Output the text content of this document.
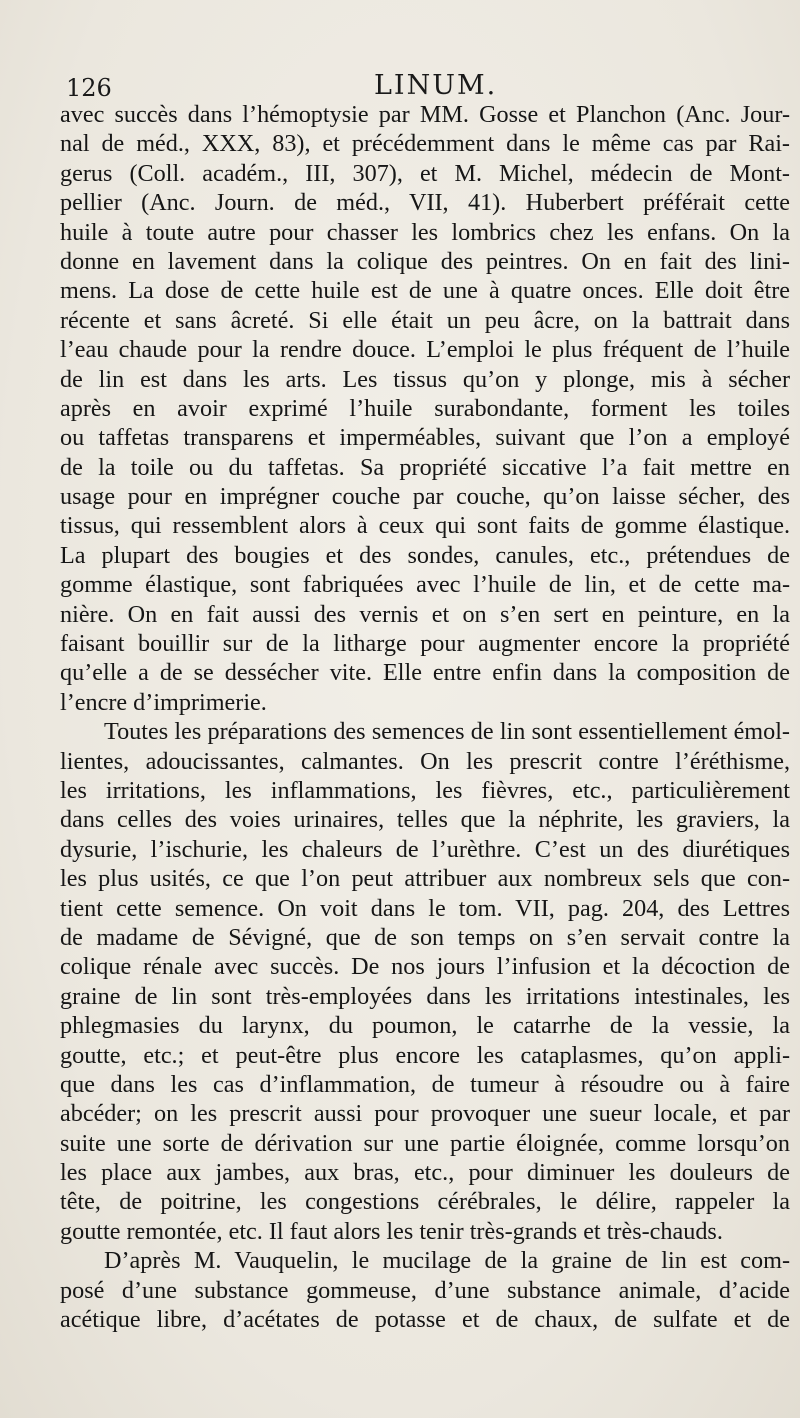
126	LINUM.
avec succès dans l’hémoptysie par MM. Gosse et Planchon (Anc. Jour-
nal de méd., XXX, 83), et précédemment dans le même cas par Rai-
gerus (Coll. académ., III, 307), et M. Michel, médecin de Mont-
pellier (Anc. Journ. de méd., VII, 41). Huberbert préférait cette
huile à toute autre pour chasser les lombrics chez les enfans. On la
donne en lavement dans la colique des peintres. On en fait des lini-
mens. La dose de cette huile est de une à quatre onces. Elle doit être
récente et sans âcreté. Si elle était un peu âcre, on la battrait dans
l’eau chaude pour la rendre douce. L’emploi le plus fréquent de l’huile
de lin est dans les arts. Les tissus qu’on y plonge, mis à sécher
après en avoir exprimé l’huile surabondante, forment les toiles
ou taffetas transparens et imperméables, suivant que l’on a employé
de la toile ou du taffetas. Sa propriété siccative l’a fait mettre en
usage pour en imprégner couche par couche, qu’on laisse sécher, des
tissus, qui ressemblent alors à ceux qui sont faits de gomme élastique.
La plupart des bougies et des sondes, canules, etc., prétendues de
gomme élastique, sont fabriquées avec l’huile de lin, et de cette ma-
nière. On en fait aussi des vernis et on s’en sert en peinture, en la
faisant bouillir sur de la litharge pour augmenter encore la propriété
qu’elle a de se dessécher vite. Elle entre enfin dans la composition de
l’encre d’imprimerie.
Toutes les préparations des semences de lin sont essentiellement émol-
lientes, adoucissantes, calmantes. On les prescrit contre l’éréthisme,
les irritations, les inflammations, les fièvres, etc., particulièrement
dans celles des voies urinaires, telles que la néphrite, les graviers, la
dysurie, l’ischurie, les chaleurs de l’urèthre. C’est un des diurétiques
les plus usités, ce que l’on peut attribuer aux nombreux sels que con-
tient cette semence. On voit dans le tom. VII, pag. 204, des Lettres
de madame de Sévigné, que de son temps on s’en servait contre la
colique rénale avec succès. De nos jours l’infusion et la décoction de
graine de lin sont très-employées dans les irritations intestinales, les
phlegmasies du larynx, du poumon, le catarrhe de la vessie, la
goutte, etc.; et peut-être plus encore les cataplasmes, qu’on appli-
que dans les cas d’inflammation, de tumeur à résoudre ou à faire
abcéder; on les prescrit aussi pour provoquer une sueur locale, et par
suite une sorte de dérivation sur une partie éloignée, comme lorsqu’on
les place aux jambes, aux bras, etc., pour diminuer les douleurs de
tête, de poitrine, les congestions cérébrales, le délire, rappeler la
goutte remontée, etc. Il faut alors les tenir très-grands et très-chauds.
D’après M. Vauquelin, le mucilage de la graine de lin est com-
posé d’une substance gommeuse, d’une substance animale, d’acide
acétique libre, d’acétates de potasse et de chaux, de sulfate et de
